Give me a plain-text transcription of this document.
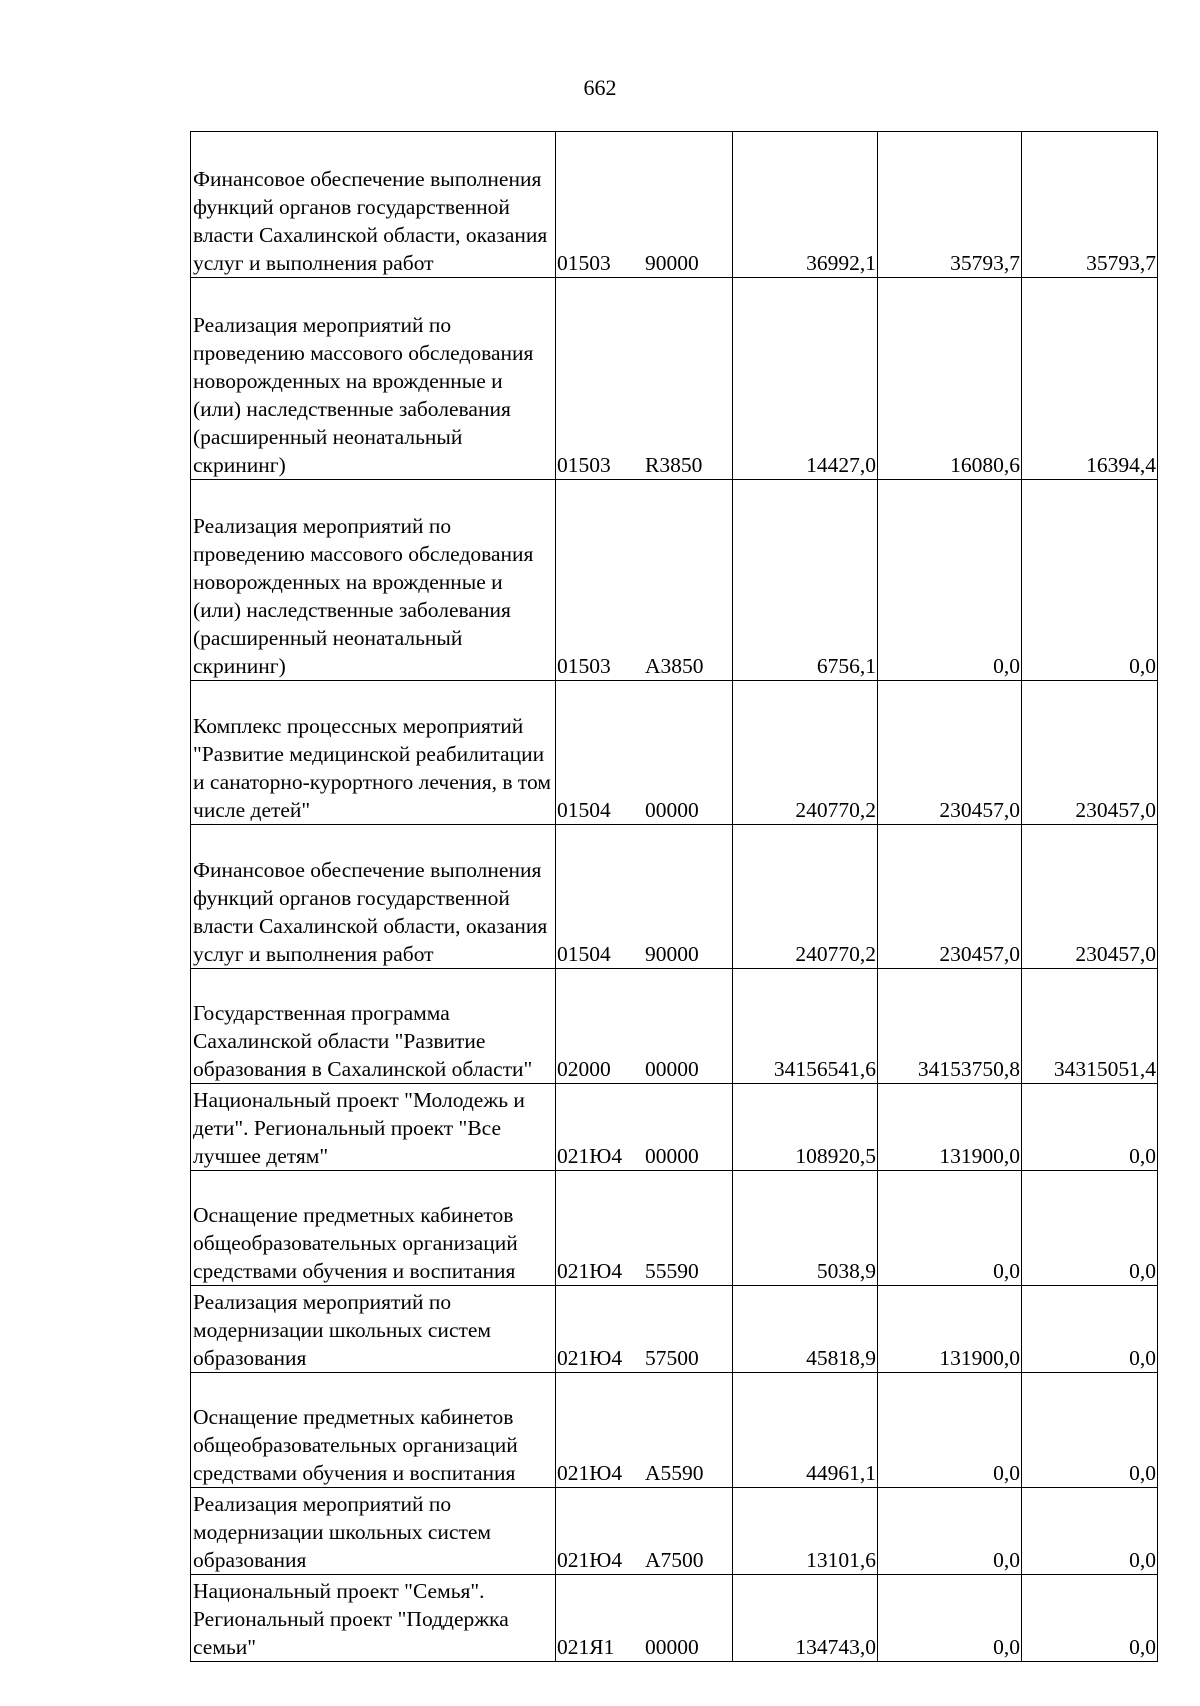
662
Финансовое обеспечение выполнения функций органов государственной власти Сахалинской области, оказания услуг и выполнения работ	01503 90000	36992,1	35793,7	35793,7
Реализация мероприятий по проведению массового обследования новорожденных на врожденные и (или) наследственные заболевания (расширенный неонатальный скрининг)	01503 R3850	14427,0	16080,6	16394,4
Реализация мероприятий по проведению массового обследования новорожденных на врожденные и (или) наследственные заболевания (расширенный неонатальный скрининг)	01503 А3850	6756,1	0,0	0,0
Комплекс процессных мероприятий "Развитие медицинской реабилитации и санаторно-курортного лечения, в том числе детей"	01504 00000	240770,2	230457,0	230457,0
Финансовое обеспечение выполнения функций органов государственной власти Сахалинской области, оказания услуг и выполнения работ	01504 90000	240770,2	230457,0	230457,0
Государственная программа Сахалинской области "Развитие образования в Сахалинской области"	02000 00000	34156541,6	34153750,8	34315051,4
Национальный проект "Молодежь и дети". Региональный проект "Все лучшее детям"	021Ю4 00000	108920,5	131900,0	0,0
Оснащение предметных кабинетов общеобразовательных организаций средствами обучения и воспитания	021Ю4 55590	5038,9	0,0	0,0
Реализация мероприятий по модернизации школьных систем образования	021Ю4 57500	45818,9	131900,0	0,0
Оснащение предметных кабинетов общеобразовательных организаций средствами обучения и воспитания	021Ю4 А5590	44961,1	0,0	0,0
Реализация мероприятий по модернизации школьных систем образования	021Ю4 А7500	13101,6	0,0	0,0
Национальный проект "Семья". Региональный проект "Поддержка семьи"	021Я1 00000	134743,0	0,0	0,0
